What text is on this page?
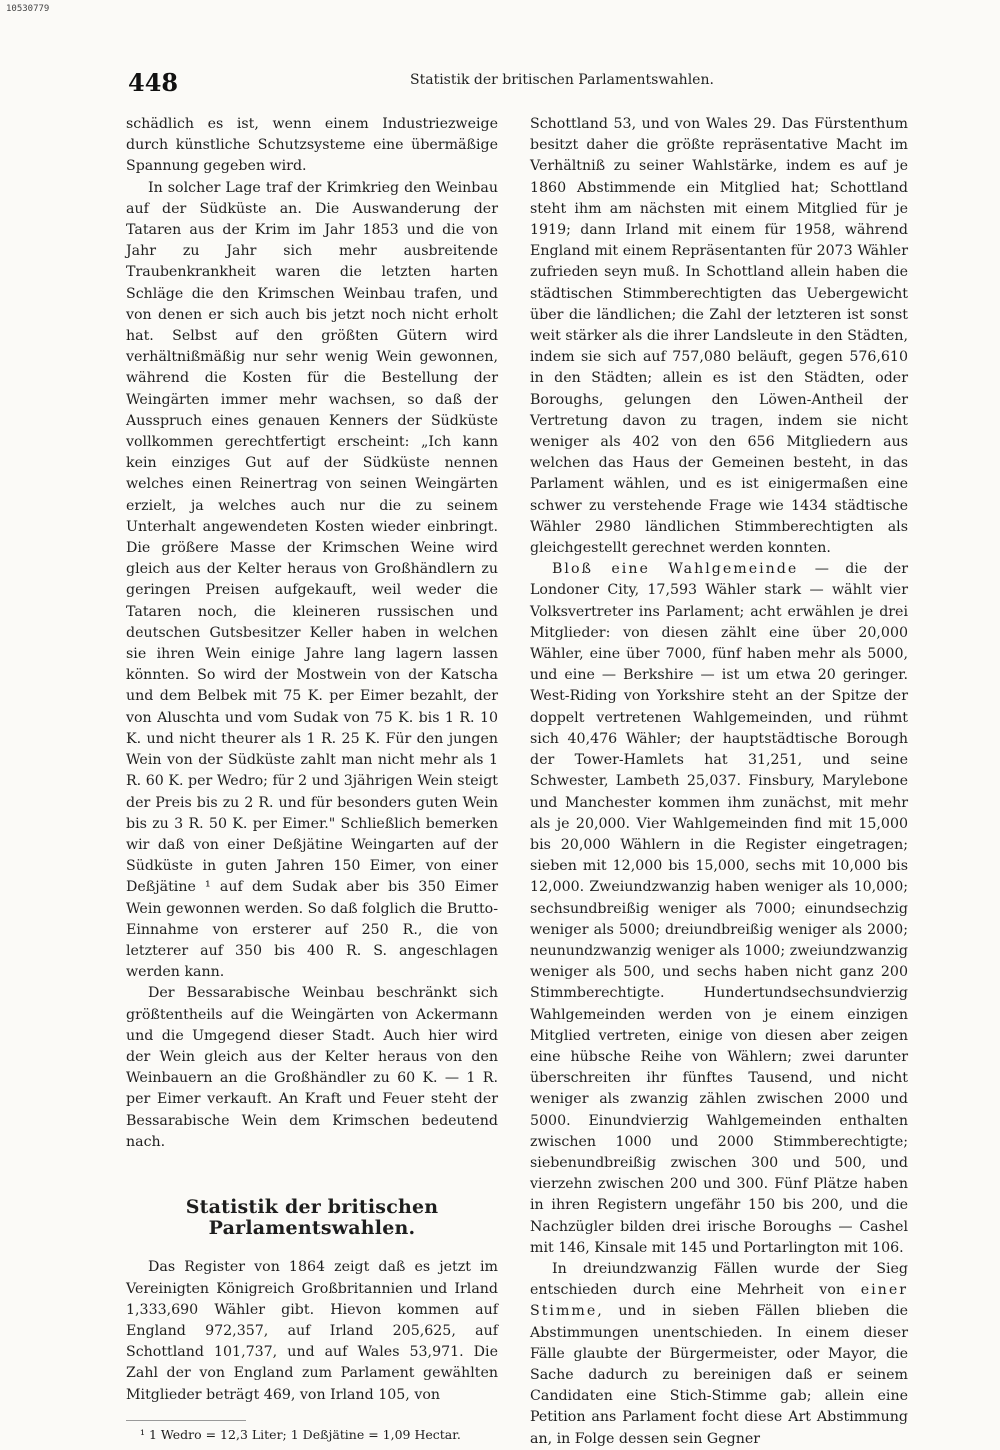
10530779
448	Statistik der britischen Parlamentswahlen.

schädlich es ist, wenn einem Industriezweige durch künstliche Schutzsysteme eine übermäßige Spannung gegeben wird.

In solcher Lage traf der Krimkrieg den Weinbau auf der Südküste an. Die Auswanderung der Tataren aus der Krim im Jahr 1853 und die von Jahr zu Jahr sich mehr ausbreitende Traubenkrankheit waren die letzten harten Schläge die den Krimschen Weinbau trafen, und von denen er sich auch bis jetzt noch nicht erholt hat. Selbst auf den größten Gütern wird verhältnißmäßig nur sehr wenig Wein gewonnen, während die Kosten für die Bestellung der Weingärten immer mehr wachsen, so daß der Ausspruch eines genauen Kenners der Südküste vollkommen gerechtfertigt erscheint: „Ich kann kein einziges Gut auf der Südküste nennen welches einen Reinertrag von seinen Weingärten erzielt, ja welches auch nur die zu seinem Unterhalt angewendeten Kosten wieder einbringt. Die größere Masse der Krimschen Weine wird gleich aus der Kelter heraus von Großhändlern zu geringen Preisen aufgekauft, weil weder die Tataren noch, die kleineren russischen und deutschen Gutsbesitzer Keller haben in welchen sie ihren Wein einige Jahre lang lagern lassen könnten. So wird der Mostwein von der Katscha und dem Belbek mit 75 K. per Eimer bezahlt, der von Aluschta und vom Sudak von 75 K. bis 1 R. 10 K. und nicht theurer als 1 R. 25 K. Für den jungen Wein von der Südküste zahlt man nicht mehr als 1 R. 60 K. per Wedro; für 2 und 3jährigen Wein steigt der Preis bis zu 2 R. und für besonders guten Wein bis zu 3 R. 50 K. per Eimer." Schließlich bemerken wir daß von einer Deßjätine Weingarten auf der Südküste in guten Jahren 150 Eimer, von einer Deßjätine ¹ auf dem Sudak aber bis 350 Eimer Wein gewonnen werden. So daß folglich die Brutto-Einnahme von ersterer auf 250 R., die von letzterer auf 350 bis 400 R. S. angeschlagen werden kann.

Der Bessarabische Weinbau beschränkt sich größtentheils auf die Weingärten von Ackermann und die Umgegend dieser Stadt. Auch hier wird der Wein gleich aus der Kelter heraus von den Weinbauern an die Großhändler zu 60 K. — 1 R. per Eimer verkauft. An Kraft und Feuer steht der Bessarabische Wein dem Krimschen bedeutend nach.

Statistik der britischen Parlamentswahlen.

Das Register von 1864 zeigt daß es jetzt im Vereinigten Königreich Großbritannien und Irland 1,333,690 Wähler gibt. Hievon kommen auf England 972,357, auf Irland 205,625, auf Schottland 101,737, und auf Wales 53,971. Die Zahl der von England zum Parlament gewählten Mitglieder beträgt 469, von Irland 105, von

¹ 1 Wedro = 12,3 Liter; 1 Deßjätine = 1,09 Hectar.

Schottland 53, und von Wales 29. Das Fürstenthum besitzt daher die größte repräsentative Macht im Verhältniß zu seiner Wahlstärke, indem es auf je 1860 Abstimmende ein Mitglied hat; Schottland steht ihm am nächsten mit einem Mitglied für je 1919; dann Irland mit einem für 1958, während England mit einem Repräsentanten für 2073 Wähler zufrieden seyn muß. In Schottland allein haben die städtischen Stimmberechtigten das Uebergewicht über die ländlichen; die Zahl der letzteren ist sonst weit stärker als die ihrer Landsleute in den Städten, indem sie sich auf 757,080 beläuft, gegen 576,610 in den Städten; allein es ist den Städten, oder Boroughs, gelungen den Löwen-Antheil der Vertretung davon zu tragen, indem sie nicht weniger als 402 von den 656 Mitgliedern aus welchen das Haus der Gemeinen besteht, in das Parlament wählen, und es ist einigermaßen eine schwer zu verstehende Frage wie 1434 städtische Wähler 2980 ländlichen Stimmberechtigten als gleichgestellt gerechnet werden konnten.

Bloß eine Wahlgemeinde — die der Londoner City, 17,593 Wähler stark — wählt vier Volksvertreter ins Parlament; acht erwählen je drei Mitglieder: von diesen zählt eine über 20,000 Wähler, eine über 7000, fünf haben mehr als 5000, und eine — Berkshire — ist um etwa 20 geringer. West-Riding von Yorkshire steht an der Spitze der doppelt vertretenen Wahlgemeinden, und rühmt sich 40,476 Wähler; der hauptstädtische Borough der Tower-Hamlets hat 31,251, und seine Schwester, Lambeth 25,037. Finsbury, Marylebone und Manchester kommen ihm zunächst, mit mehr als je 20,000. Vier Wahlgemeinden find mit 15,000 bis 20,000 Wählern in die Register eingetragen; sieben mit 12,000 bis 15,000, sechs mit 10,000 bis 12,000. Zweiundzwanzig haben weniger als 10,000; sechsundbreißig weniger als 7000; einundsechzig weniger als 5000; dreiundbreißig weniger als 2000; neunundzwanzig weniger als 1000; zweiundzwanzig weniger als 500, und sechs haben nicht ganz 200 Stimmberechtigte. Hundertundsechsundvierzig Wahlgemeinden werden von je einem einzigen Mitglied vertreten, einige von diesen aber zeigen eine hübsche Reihe von Wählern; zwei darunter überschreiten ihr fünftes Tausend, und nicht weniger als zwanzig zählen zwischen 2000 und 5000. Einundvierzig Wahlgemeinden enthalten zwischen 1000 und 2000 Stimmberechtigte; siebenundbreißig zwischen 300 und 500, und vierzehn zwischen 200 und 300. Fünf Plätze haben in ihren Registern ungefähr 150 bis 200, und die Nachzügler bilden drei irische Boroughs — Cashel mit 146, Kinsale mit 145 und Portarlington mit 106.

In dreiundzwanzig Fällen wurde der Sieg entschieden durch eine Mehrheit von einer Stimme, und in sieben Fällen blieben die Abstimmungen unentschieden. In einem dieser Fälle glaubte der Bürgermeister, oder Mayor, die Sache dadurch zu bereinigen daß er seinem Candidaten eine Stich-Stimme gab; allein eine Petition ans Parlament focht diese Art Abstimmung an, in Folge dessen sein Gegner
